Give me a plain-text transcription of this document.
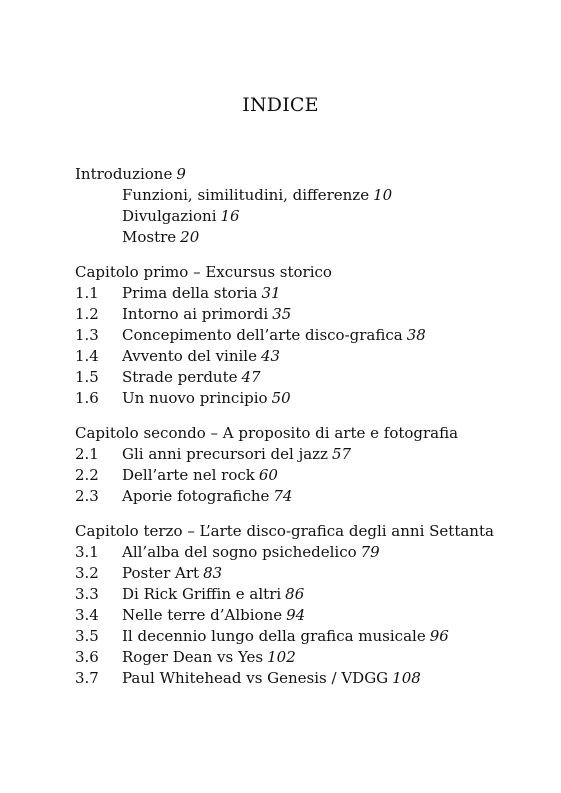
INDICE
Introduzione 9
Funzioni, similitudini, differenze 10
Divulgazioni 16
Mostre 20
Capitolo primo – Excursus storico
1.1 Prima della storia 31
1.2 Intorno ai primordi 35
1.3 Concepimento dell’arte disco-grafica 38
1.4 Avvento del vinile 43
1.5 Strade perdute 47
1.6 Un nuovo principio 50
Capitolo secondo – A proposito di arte e fotografia
2.1 Gli anni precursori del jazz 57
2.2 Dell’arte nel rock 60
2.3 Aporie fotografiche 74
Capitolo terzo – L’arte disco-grafica degli anni Settanta
3.1 All’alba del sogno psichedelico 79
3.2 Poster Art 83
3.3 Di Rick Griffin e altri 86
3.4 Nelle terre d’Albione 94
3.5 Il decennio lungo della grafica musicale 96
3.6 Roger Dean vs Yes 102
3.7 Paul Whitehead vs Genesis / VDGG 108
